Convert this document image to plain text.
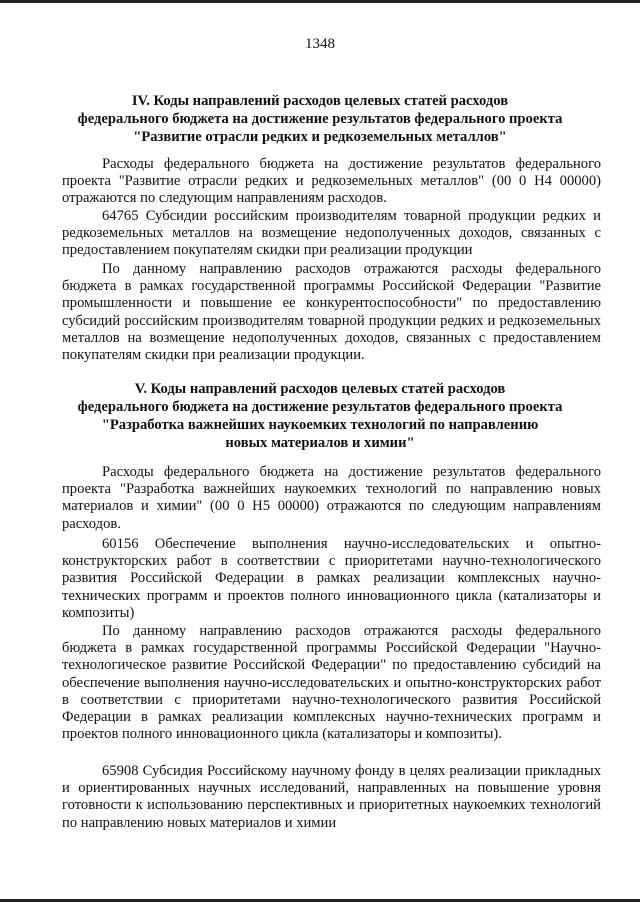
1348
IV. Коды направлений расходов целевых статей расходов
федерального бюджета на достижение результатов федерального проекта
"Развитие отрасли редких и редкоземельных металлов"

Расходы федерального бюджета на достижение результатов федерального проекта "Развитие отрасли редких и редкоземельных металлов" (00 0 Н4 00000) отражаются по следующим направлениям расходов.

64765 Субсидии российским производителям товарной продукции редких и редкоземельных металлов на возмещение недополученных доходов, связанных с предоставлением покупателям скидки при реализации продукции

По данному направлению расходов отражаются расходы федерального бюджета в рамках государственной программы Российской Федерации "Развитие промышленности и повышение ее конкурентоспособности" по предоставлению субсидий российским производителям товарной продукции редких и редкоземельных металлов на возмещение недополученных доходов, связанных с предоставлением покупателям скидки при реализации продукции.

V. Коды направлений расходов целевых статей расходов
федерального бюджета на достижение результатов федерального проекта
"Разработка важнейших наукоемких технологий по направлению
новых материалов и химии"

Расходы федерального бюджета на достижение результатов федерального проекта "Разработка важнейших наукоемких технологий по направлению новых материалов и химии" (00 0 Н5 00000) отражаются по следующим направлениям расходов.

60156 Обеспечение выполнения научно-исследовательских и опытно-конструкторских работ в соответствии с приоритетами научно-технологического развития Российской Федерации в рамках реализации комплексных научно-технических программ и проектов полного инновационного цикла (катализаторы и композиты)

По данному направлению расходов отражаются расходы федерального бюджета в рамках государственной программы Российской Федерации "Научно-технологическое развитие Российской Федерации" по предоставлению субсидий на обеспечение выполнения научно-исследовательских и опытно-конструкторских работ в соответствии с приоритетами научно-технологического развития Российской Федерации в рамках реализации комплексных научно-технических программ и проектов полного инновационного цикла (катализаторы и композиты).

65908 Субсидия Российскому научному фонду в целях реализации прикладных и ориентированных научных исследований, направленных на повышение уровня готовности к использованию перспективных и приоритетных наукоемких технологий по направлению новых материалов и химии
